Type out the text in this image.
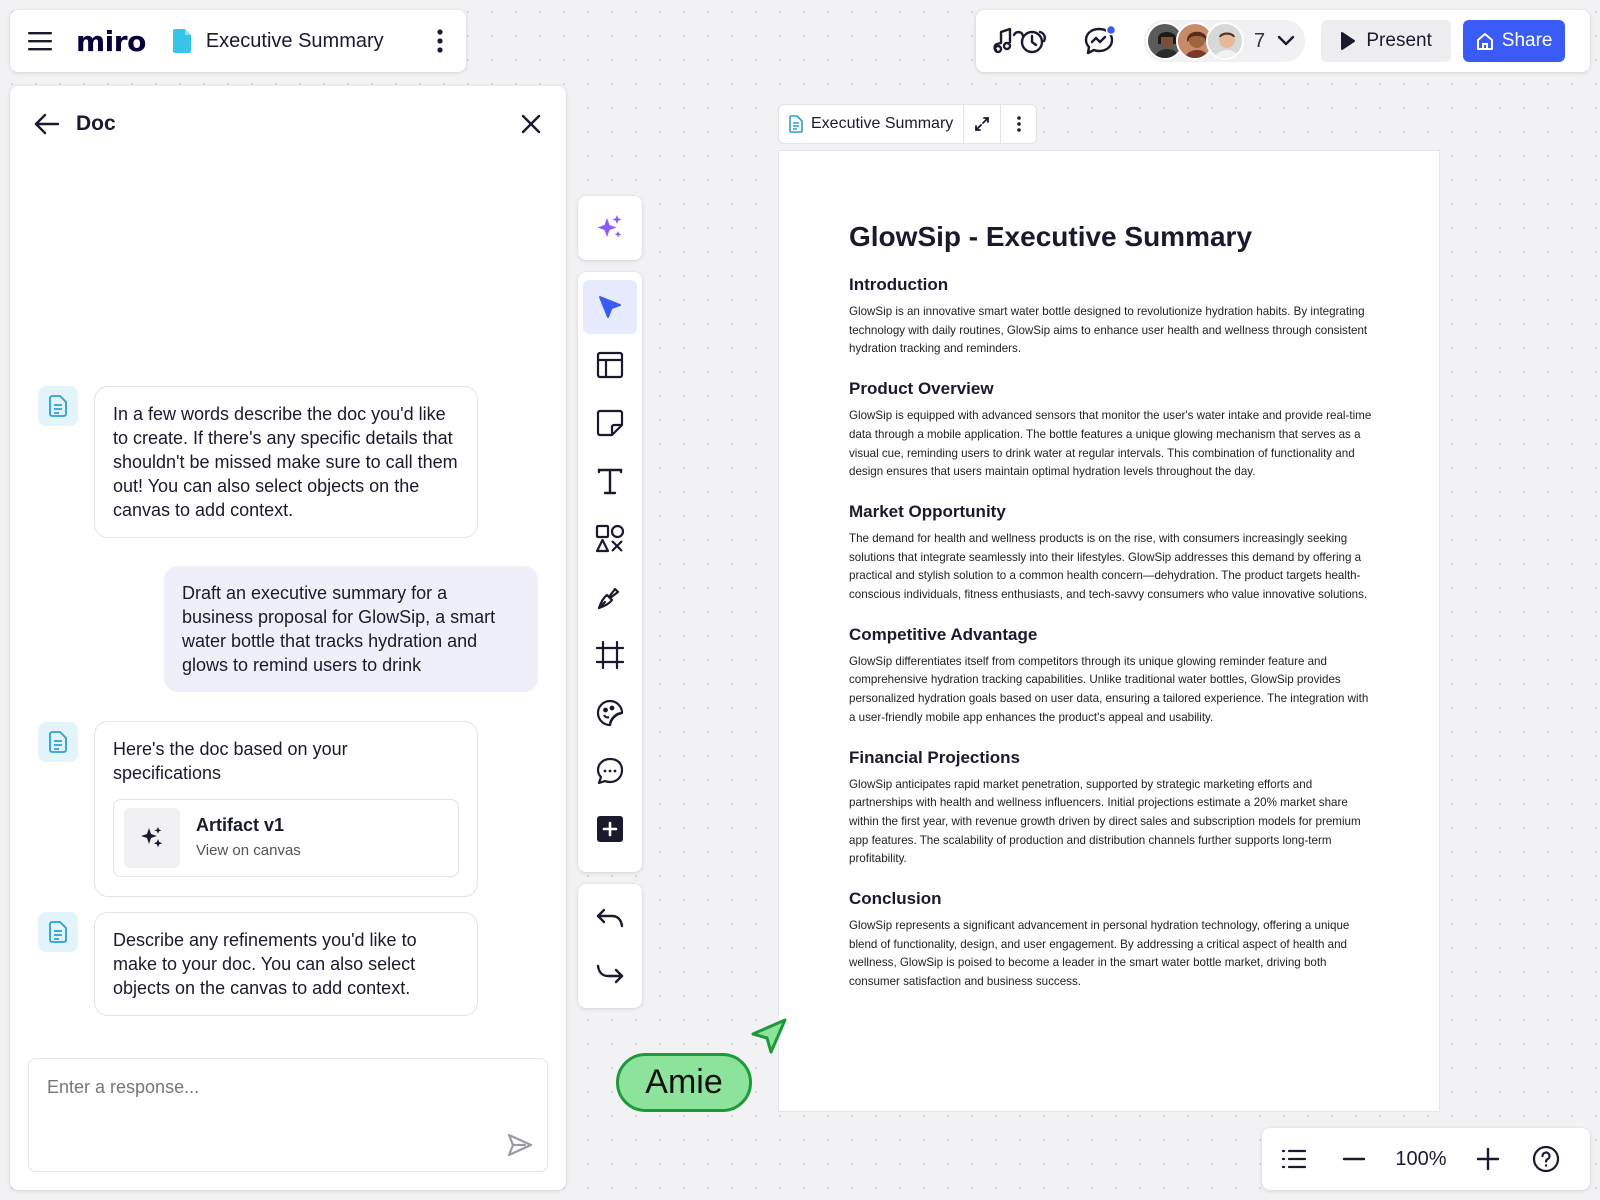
miro	Executive Summary	7	Present	Share
Doc
In a few words describe the doc you'd like to create. If there's any specific details that shouldn't be missed make sure to call them out! You can also select objects on the canvas to add context.
Draft an executive summary for a business proposal for GlowSip, a smart water bottle that tracks hydration and glows to remind users to drink
Here's the doc based on your specifications
Artifact v1
View on canvas
Describe any refinements you'd like to make to your doc. You can also select objects on the canvas to add context.
Enter a response...
Executive Summary
GlowSip - Executive Summary
Introduction
GlowSip is an innovative smart water bottle designed to revolutionize hydration habits. By integrating technology with daily routines, GlowSip aims to enhance user health and wellness through consistent hydration tracking and reminders.
Product Overview
GlowSip is equipped with advanced sensors that monitor the user's water intake and provide real-time data through a mobile application. The bottle features a unique glowing mechanism that serves as a visual cue, reminding users to drink water at regular intervals. This combination of functionality and design ensures that users maintain optimal hydration levels throughout the day.
Market Opportunity
The demand for health and wellness products is on the rise, with consumers increasingly seeking solutions that integrate seamlessly into their lifestyles. GlowSip addresses this demand by offering a practical and stylish solution to a common health concern—dehydration. The product targets health-conscious individuals, fitness enthusiasts, and tech-savvy consumers who value innovative solutions.
Competitive Advantage
GlowSip differentiates itself from competitors through its unique glowing reminder feature and comprehensive hydration tracking capabilities. Unlike traditional water bottles, GlowSip provides personalized hydration goals based on user data, ensuring a tailored experience. The integration with a user-friendly mobile app enhances the product's appeal and usability.
Financial Projections
GlowSip anticipates rapid market penetration, supported by strategic marketing efforts and partnerships with health and wellness influencers. Initial projections estimate a 20% market share within the first year, with revenue growth driven by direct sales and subscription models for premium app features. The scalability of production and distribution channels further supports long-term profitability.
Conclusion
GlowSip represents a significant advancement in personal hydration technology, offering a unique blend of functionality, design, and user engagement. By addressing a critical aspect of health and wellness, GlowSip is poised to become a leader in the smart water bottle market, driving both consumer satisfaction and business success.
Amie
100%
